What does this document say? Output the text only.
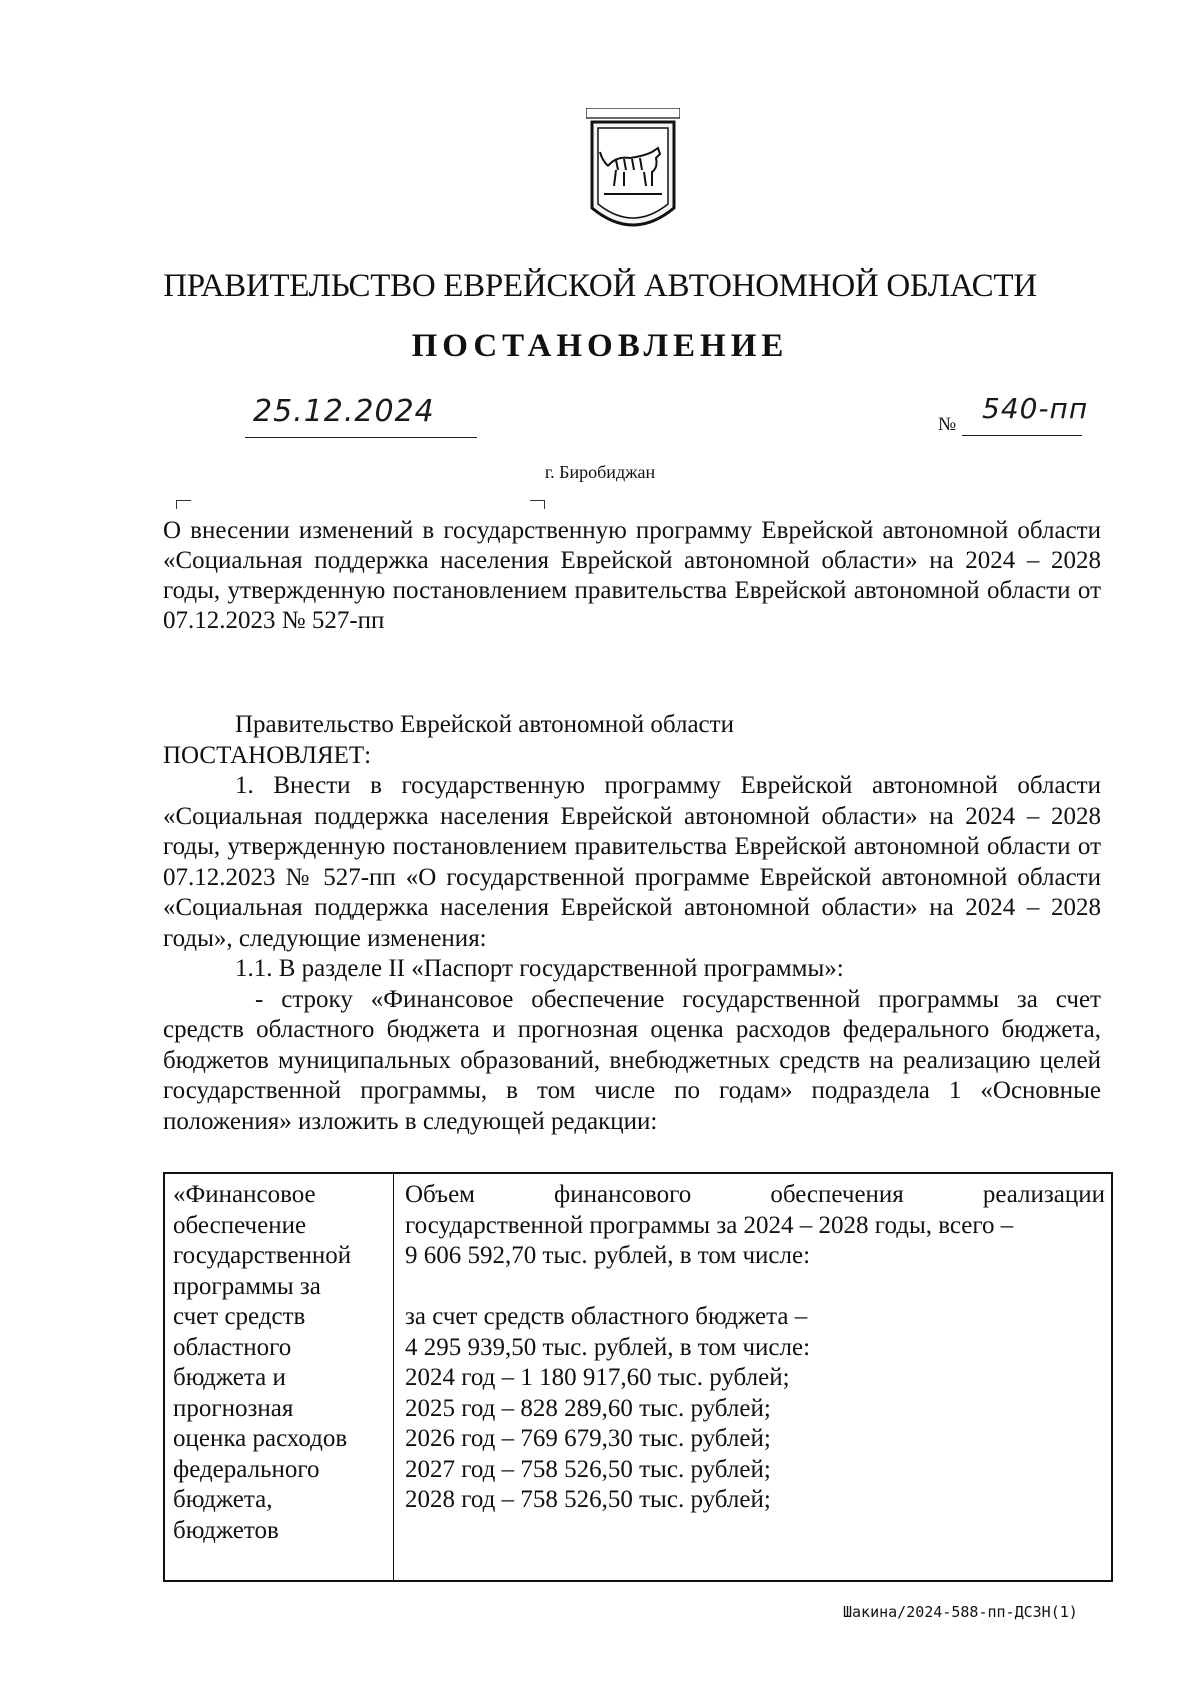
ПРАВИТЕЛЬСТВО ЕВРЕЙСКОЙ АВТОНОМНОЙ ОБЛАСТИ
ПОСТАНОВЛЕНИЕ
25.12.2024	№ 540-пп
г. Биробиджан
О внесении изменений в государственную программу Еврейской автономной области «Социальная поддержка населения Еврейской автономной области» на 2024 – 2028 годы, утвержденную постановлением правительства Еврейской автономной области от 07.12.2023 № 527-пп

Правительство Еврейской автономной области

ПОСТАНОВЛЯЕТ:

1. Внести в государственную программу Еврейской автономной области «Социальная поддержка населения Еврейской автономной области» на 2024 – 2028 годы, утвержденную постановлением правительства Еврейской автономной области от 07.12.2023 № 527-пп «О государственной программе Еврейской автономной области «Социальная поддержка населения Еврейской автономной области» на 2024 – 2028 годы», следующие изменения:

1.1. В разделе II «Паспорт государственной программы»:

- строку «Финансовое обеспечение государственной программы за счет средств областного бюджета и прогнозная оценка расходов федерального бюджета, бюджетов муниципальных образований, внебюджетных средств на реализацию целей государственной программы, в том числе по годам» подраздела 1 «Основные положения» изложить в следующей редакции:

«Финансовое
обеспечение
государственной
программы за
счет средств
областного
бюджета и
прогнозная
оценка расходов
федерального
бюджета,
бюджетов
Объем финансового обеспечения реализации
государственной программы за 2024 – 2028 годы, всего –
9 606 592,70 тыс. рублей, в том числе:
за счет средств областного бюджета –
4 295 939,50 тыс. рублей, в том числе:
2024 год – 1 180 917,60 тыс. рублей;
2025 год – 828 289,60 тыс. рублей;
2026 год – 769 679,30 тыс. рублей;
2027 год – 758 526,50 тыс. рублей;
2028 год – 758 526,50 тыс. рублей;
Шакина/2024-588-пп-ДСЗН(1)
